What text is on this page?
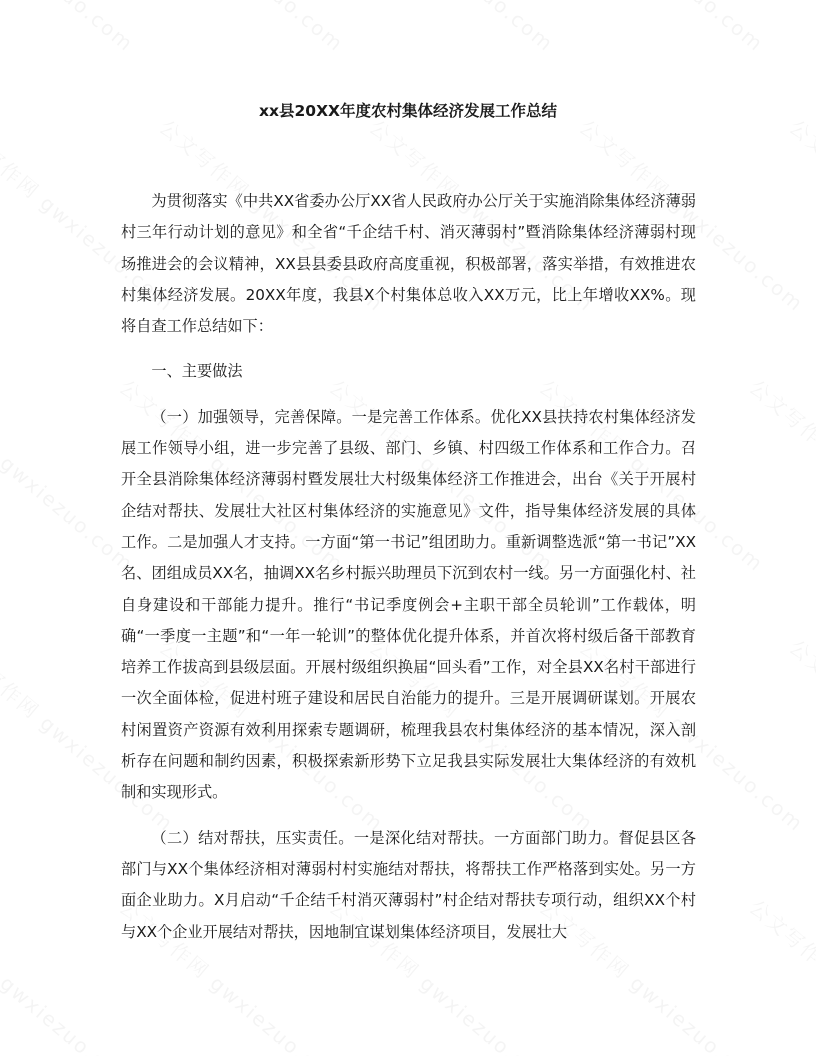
xx县20XX年度农村集体经济发展工作总结

为贯彻落实《中共XX省委办公厅XX省人民政府办公厅关于实施消除集体经济薄弱村三年行动计划的意见》和全省“千企结千村、消灭薄弱村”暨消除集体经济薄弱村现场推进会的会议精神，XX县县委县政府高度重视，积极部署，落实举措，有效推进农村集体经济发展。20XX年度，我县X个村集体总收入XX万元，比上年增收XX%。现将自查工作总结如下：

一、主要做法

（一）加强领导，完善保障。一是完善工作体系。优化XX县扶持农村集体经济发展工作领导小组，进一步完善了县级、部门、乡镇、村四级工作体系和工作合力。召开全县消除集体经济薄弱村暨发展壮大村级集体经济工作推进会，出台《关于开展村企结对帮扶、发展壮大社区村集体经济的实施意见》文件，指导集体经济发展的具体工作。二是加强人才支持。一方面“第一书记”组团助力。重新调整选派“第一书记”XX名、团组成员XX名，抽调XX名乡村振兴助理员下沉到农村一线。另一方面强化村、社自身建设和干部能力提升。推行“书记季度例会+主职干部全员轮训”工作载体，明确“一季度一主题”和“一年一轮训”的整体优化提升体系，并首次将村级后备干部教育培养工作拔高到县级层面。开展村级组织换届“回头看”工作，对全县XX名村干部进行一次全面体检，促进村班子建设和居民自治能力的提升。三是开展调研谋划。开展农村闲置资产资源有效利用探索专题调研，梳理我县农村集体经济的基本情况，深入剖析存在问题和制约因素，积极探索新形势下立足我县实际发展壮大集体经济的有效机制和实现形式。

（二）结对帮扶，压实责任。一是深化结对帮扶。一方面部门助力。督促县区各部门与XX个集体经济相对薄弱村村实施结对帮扶，将帮扶工作严格落到实处。另一方面企业助力。X月启动“千企结千村消灭薄弱村”村企结对帮扶专项行动，组织XX个村与XX个企业开展结对帮扶，因地制宜谋划集体经济项目，发展壮大
